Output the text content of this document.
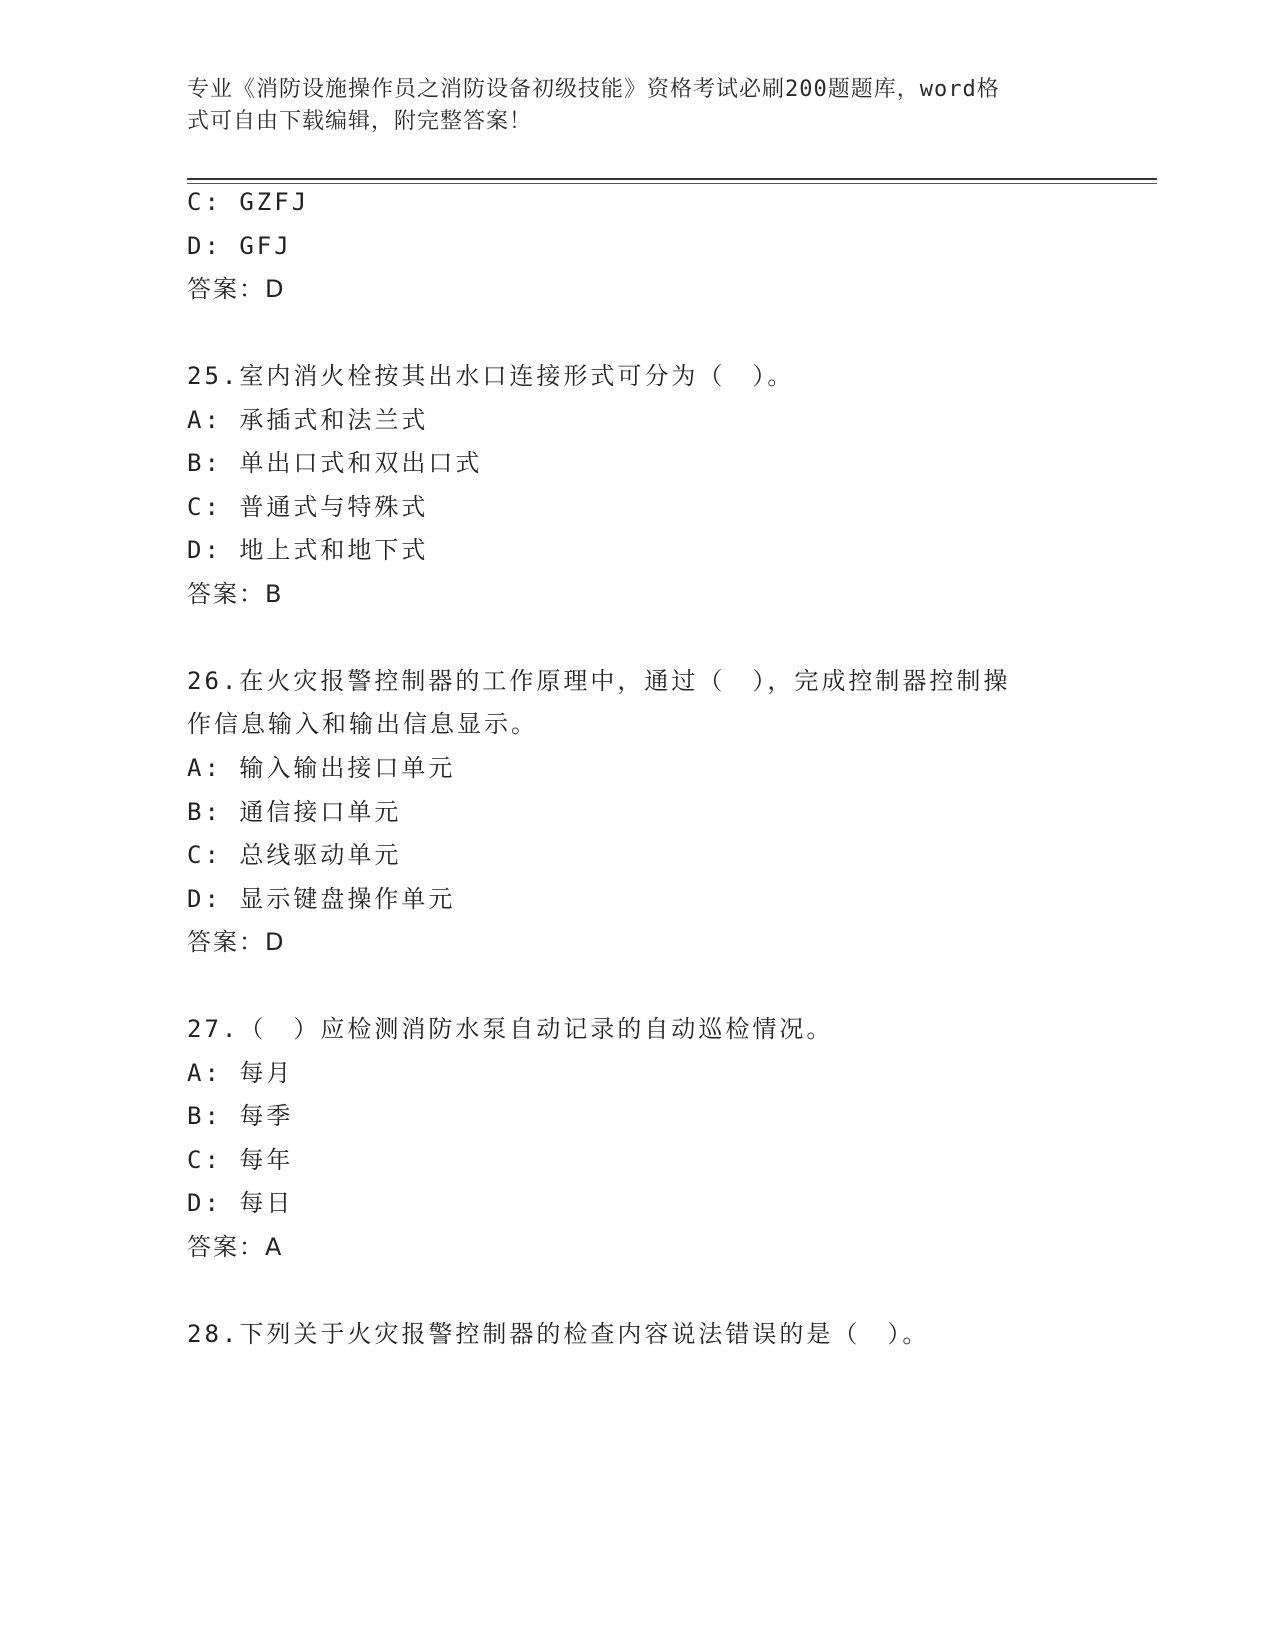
专业《消防设施操作员之消防设备初级技能》资格考试必刷200题题库，word格
式可自由下载编辑，附完整答案！
C: GZFJ
D: GFJ
答案：D
25.室内消火栓按其出水口连接形式可分为（　）。
A: 承插式和法兰式
B: 单出口式和双出口式
C: 普通式与特殊式
D: 地上式和地下式
答案：B
26.在火灾报警控制器的工作原理中，通过（　），完成控制器控制操
作信息输入和输出信息显示。
A: 输入输出接口单元
B: 通信接口单元
C: 总线驱动单元
D: 显示键盘操作单元
答案：D
27.（　）应检测消防水泵自动记录的自动巡检情况。
A: 每月
B: 每季
C: 每年
D: 每日
答案：A
28.下列关于火灾报警控制器的检查内容说法错误的是（　）。
